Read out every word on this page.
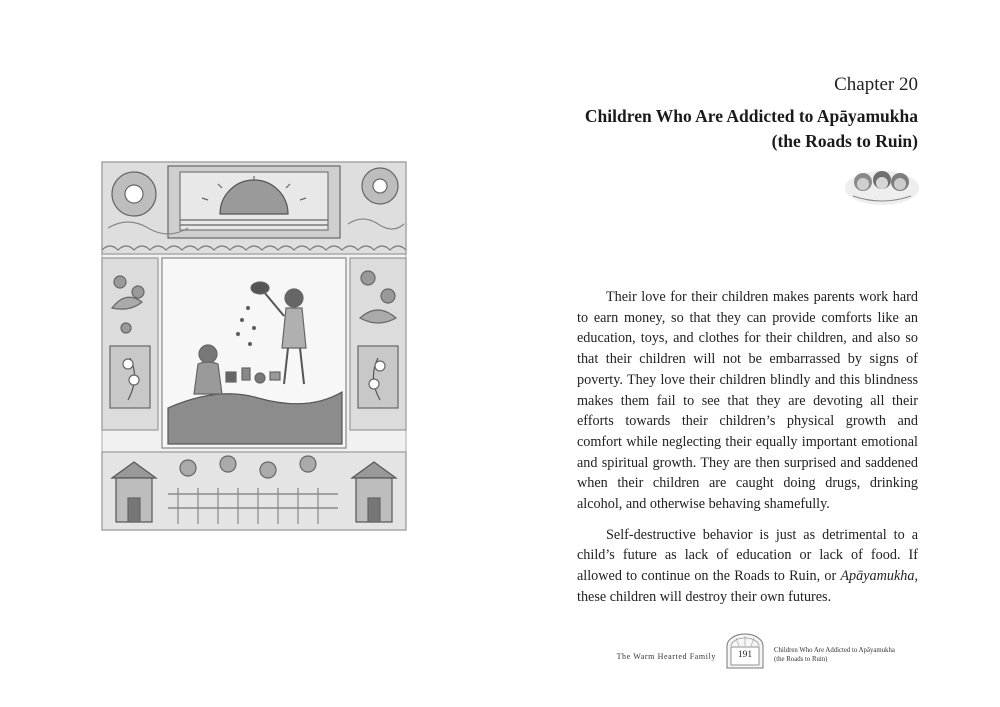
Chapter 20
Children Who Are Addicted to Apāyamukha
(the Roads to Ruin)

Their love for their children makes parents work hard to earn money, so that they can provide comforts like an education, toys, and clothes for their children, and also so that their children will not be embarrassed by signs of poverty. They love their children blindly and this blindness makes them fail to see that they are devoting all their efforts towards their children’s physical growth and comfort while neglecting their equally important emotional and spiritual growth. They are then surprised and saddened when their children are caught doing drugs, drinking alcohol, and otherwise behaving shamefully.

Self-destructive behavior is just as detrimental to a child’s future as lack of education or lack of food. If allowed to continue on the Roads to Ruin, or Apāyamukha, these children will destroy their own futures.

The Warm Hearted Family	191	Children Who Are Addicted to Apāyamukha
(the Roads to Ruin)
